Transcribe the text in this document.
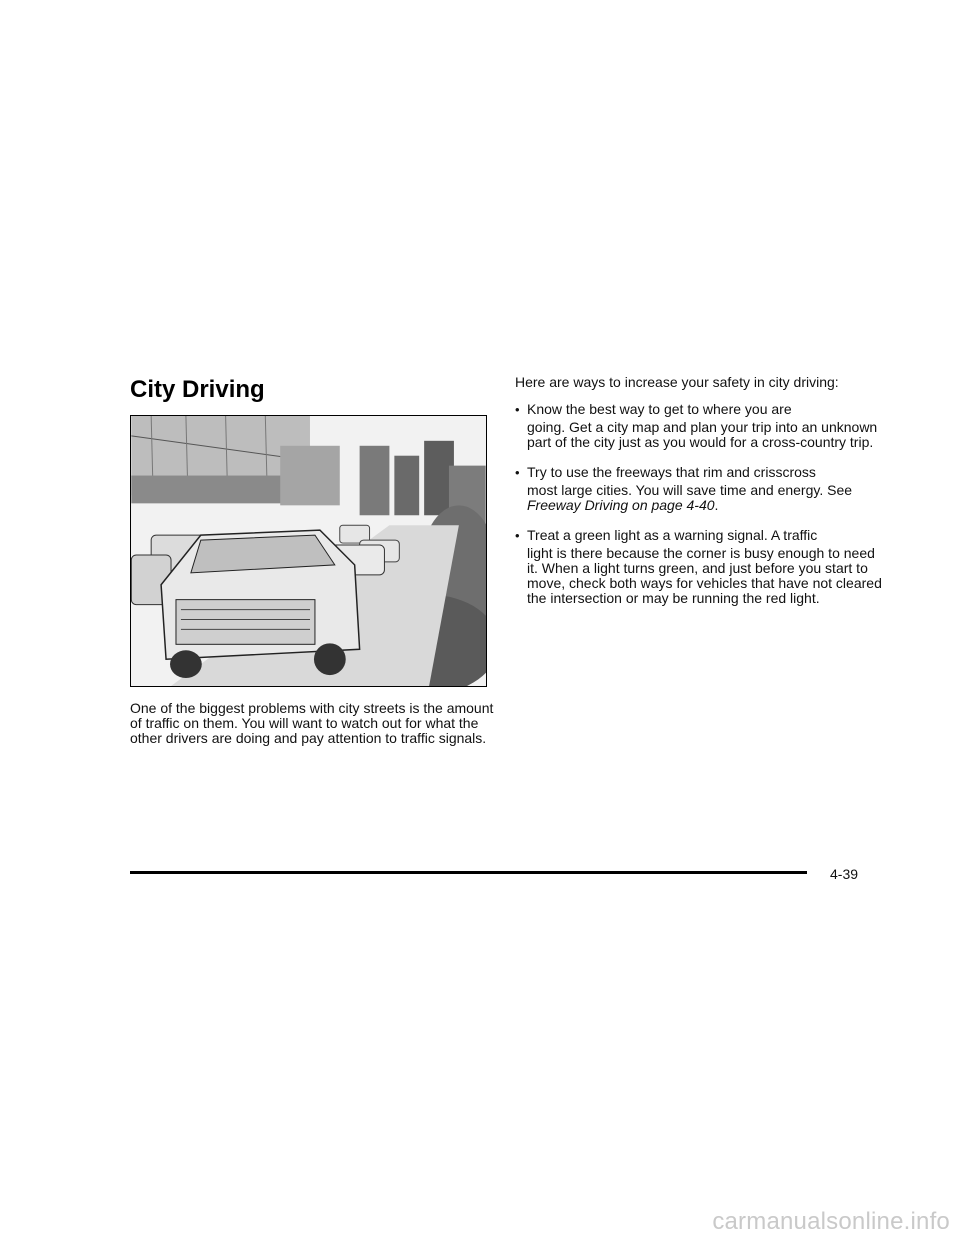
City Driving

One of the biggest problems with city streets is the amount of traffic on them. You will want to watch out for what the other drivers are doing and pay attention to traffic signals.

Here are ways to increase your safety in city driving:

• Know the best way to get to where you are

going. Get a city map and plan your trip into an unknown part of the city just as you would for a cross-country trip.

• Try to use the freeways that rim and crisscross

most large cities. You will save time and energy. See Freeway Driving on page 4-40.

• Treat a green light as a warning signal. A traffic

light is there because the corner is busy enough to need it. When a light turns green, and just before you start to move, check both ways for vehicles that have not cleared the intersection or may be running the red light.

4-39
carmanualsonline.info
